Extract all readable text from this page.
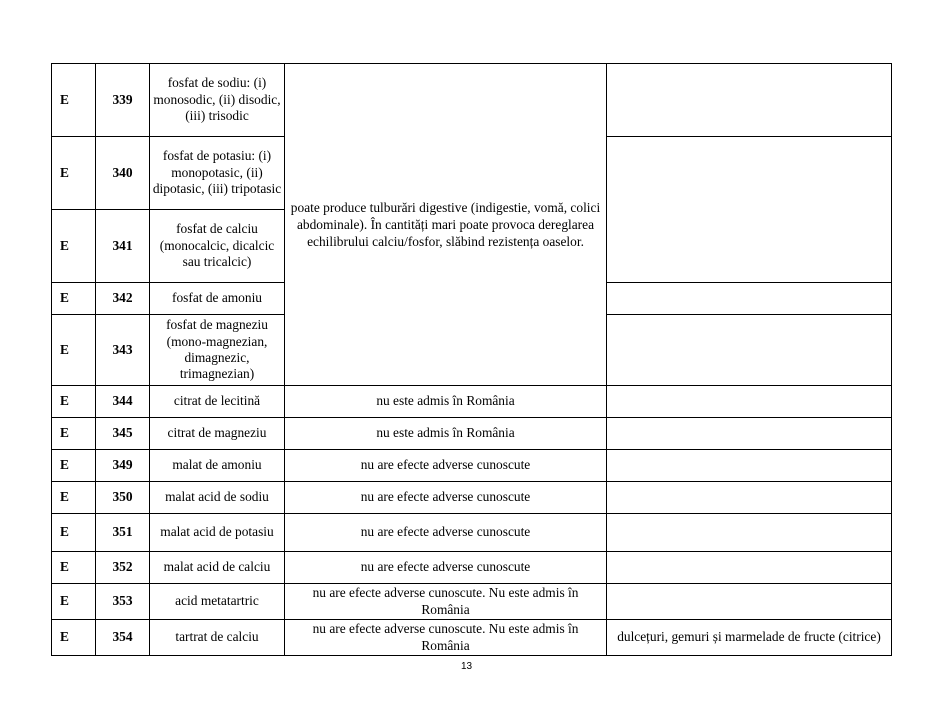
E	339	fosfat de sodiu: (i) monosodic, (ii) disodic, (iii) trisodic	poate produce tulburări digestive (indigestie, vomă, colici abdominale). În cantități mari poate provoca dereglarea echilibrului calciu/fosfor, slăbind rezistența oaselor.	
E	340	fosfat de potasiu: (i) monopotasic, (ii) dipotasic, (iii) tripotasic		
E	341	fosfat de calciu (monocalcic, dicalcic sau tricalcic)		
E	342	fosfat de amoniu		
E	343	fosfat de magneziu (mono-magnezian, dimagnezic, trimagnezian)		
E	344	citrat de lecitină	nu este admis în România	
E	345	citrat de magneziu	nu este admis în România	
E	349	malat de amoniu	nu are efecte adverse cunoscute	
E	350	malat acid de sodiu	nu are efecte adverse cunoscute	
E	351	malat acid de potasiu	nu are efecte adverse cunoscute	
E	352	malat acid de calciu	nu are efecte adverse cunoscute	
E	353	acid metatartric	nu are efecte adverse cunoscute. Nu este admis în România	
E	354	tartrat de calciu	nu are efecte adverse cunoscute. Nu este admis în România	dulcețuri, gemuri și marmelade de fructe (citrice)
13
